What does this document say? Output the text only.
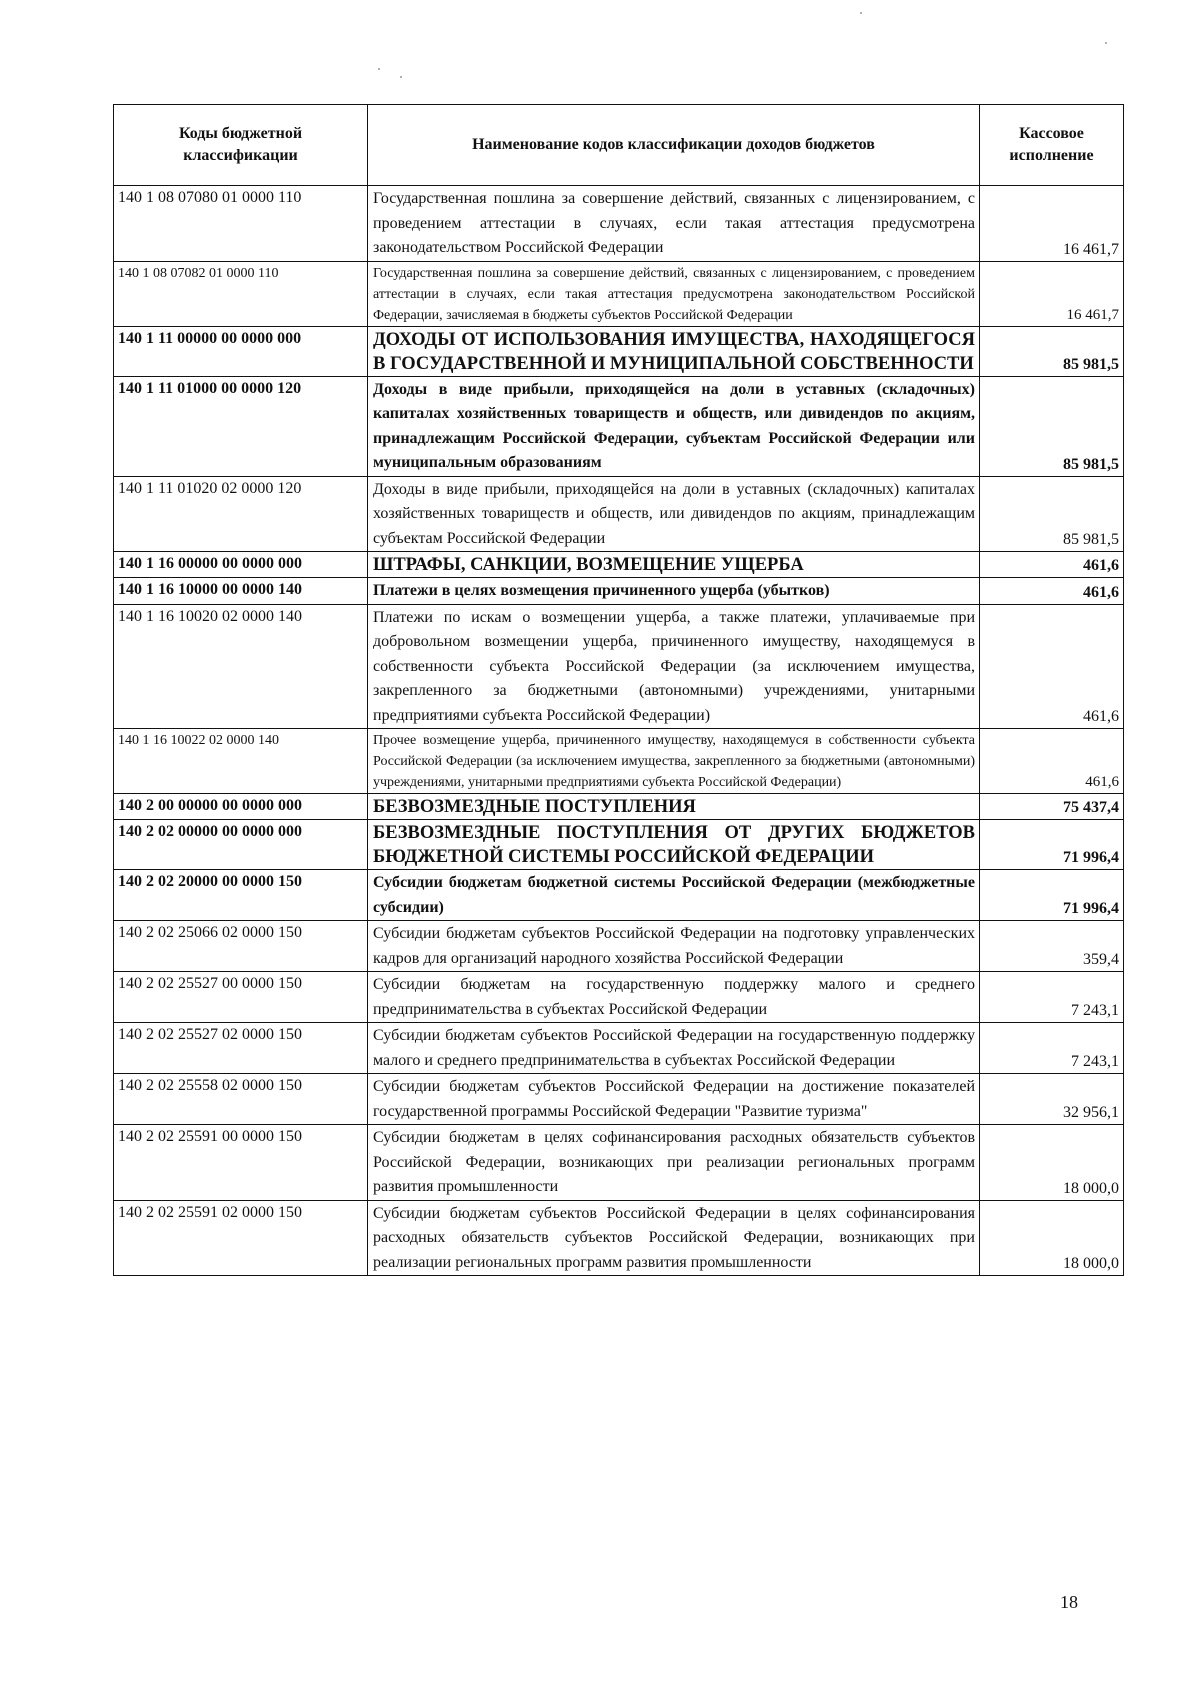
Коды бюджетной классификации	Наименование кодов классификации доходов бюджетов	Кассовое исполнение
140 1 08 07080 01 0000 110	Государственная пошлина за совершение действий, связанных с лицензированием, с проведением аттестации в случаях, если такая аттестация предусмотрена законодательством Российской Федерации	16 461,7
140 1 08 07082 01 0000 110	Государственная пошлина за совершение действий, связанных с лицензированием, с проведением аттестации в случаях, если такая аттестация предусмотрена законодательством Российской Федерации, зачисляемая в бюджеты субъектов Российской Федерации	16 461,7
140 1 11 00000 00 0000 000	ДОХОДЫ ОТ ИСПОЛЬЗОВАНИЯ ИМУЩЕСТВА, НАХОДЯЩЕГОСЯ В ГОСУДАРСТВЕННОЙ И МУНИЦИПАЛЬНОЙ СОБСТВЕННОСТИ	85 981,5
140 1 11 01000 00 0000 120	Доходы в виде прибыли, приходящейся на доли в уставных (складочных) капиталах хозяйственных товариществ и обществ, или дивидендов по акциям, принадлежащим Российской Федерации, субъектам Российской Федерации или муниципальным образованиям	85 981,5
140 1 11 01020 02 0000 120	Доходы в виде прибыли, приходящейся на доли в уставных (складочных) капиталах хозяйственных товариществ и обществ, или дивидендов по акциям, принадлежащим субъектам Российской Федерации	85 981,5
140 1 16 00000 00 0000 000	ШТРАФЫ, САНКЦИИ, ВОЗМЕЩЕНИЕ УЩЕРБА	461,6
140 1 16 10000 00 0000 140	Платежи в целях возмещения причиненного ущерба (убытков)	461,6
140 1 16 10020 02 0000 140	Платежи по искам о возмещении ущерба, а также платежи, уплачиваемые при добровольном возмещении ущерба, причиненного имуществу, находящемуся в собственности субъекта Российской Федерации (за исключением имущества, закрепленного за бюджетными (автономными) учреждениями, унитарными предприятиями субъекта Российской Федерации)	461,6
140 1 16 10022 02 0000 140	Прочее возмещение ущерба, причиненного имуществу, находящемуся в собственности субъекта Российской Федерации (за исключением имущества, закрепленного за бюджетными (автономными) учреждениями, унитарными предприятиями субъекта Российской Федерации)	461,6
140 2 00 00000 00 0000 000	БЕЗВОЗМЕЗДНЫЕ ПОСТУПЛЕНИЯ	75 437,4
140 2 02 00000 00 0000 000	БЕЗВОЗМЕЗДНЫЕ ПОСТУПЛЕНИЯ ОТ ДРУГИХ БЮДЖЕТОВ БЮДЖЕТНОЙ СИСТЕМЫ РОССИЙСКОЙ ФЕДЕРАЦИИ	71 996,4
140 2 02 20000 00 0000 150	Субсидии бюджетам бюджетной системы Российской Федерации (межбюджетные субсидии)	71 996,4
140 2 02 25066 02 0000 150	Субсидии бюджетам субъектов Российской Федерации на подготовку управленческих кадров для организаций народного хозяйства Российской Федерации	359,4
140 2 02 25527 00 0000 150	Субсидии бюджетам на государственную поддержку малого и среднего предпринимательства в субъектах Российской Федерации	7 243,1
140 2 02 25527 02 0000 150	Субсидии бюджетам субъектов Российской Федерации на государственную поддержку малого и среднего предпринимательства в субъектах Российской Федерации	7 243,1
140 2 02 25558 02 0000 150	Субсидии бюджетам субъектов Российской Федерации на достижение показателей государственной программы Российской Федерации "Развитие туризма"	32 956,1
140 2 02 25591 00 0000 150	Субсидии бюджетам в целях софинансирования расходных обязательств субъектов Российской Федерации, возникающих при реализации региональных программ развития промышленности	18 000,0
140 2 02 25591 02 0000 150	Субсидии бюджетам субъектов Российской Федерации в целях софинансирования расходных обязательств субъектов Российской Федерации, возникающих при реализации региональных программ развития промышленности	18 000,0
18
